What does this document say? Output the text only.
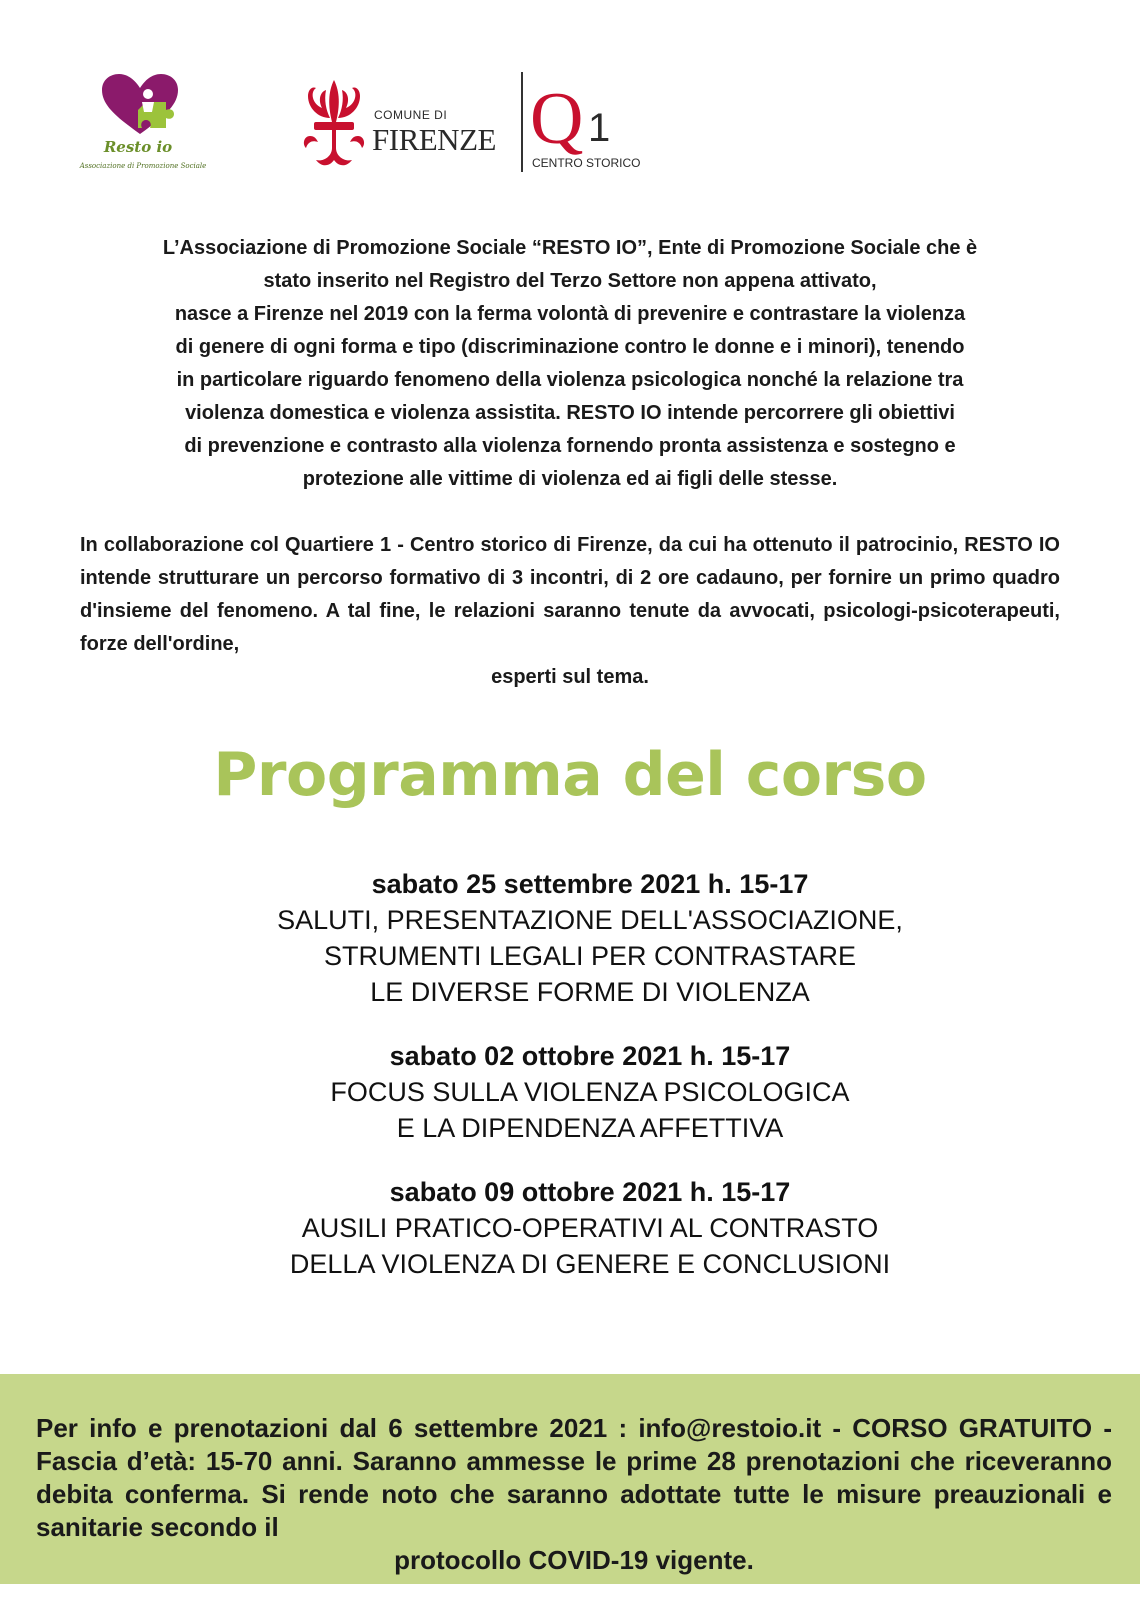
Resto io
Associazione di Promozione Sociale
COMUNE DI
FIRENZE Q 1
CENTRO STORICO
L’Associazione di Promozione Sociale “RESTO IO”, Ente di Promozione Sociale che è
stato inserito nel Registro del Terzo Settore non appena attivato,
nasce a Firenze nel 2019 con la ferma volontà di prevenire e contrastare la violenza
di genere di ogni forma e tipo (discriminazione contro le donne e i minori), tenendo
in particolare riguardo fenomeno della violenza psicologica nonché la relazione tra
violenza domestica e violenza assistita. RESTO IO intende percorrere gli obiettivi
di prevenzione e contrasto alla violenza fornendo pronta assistenza e sostegno e
protezione alle vittime di violenza ed ai figli delle stesse.

In collaborazione col Quartiere 1 - Centro storico di Firenze, da cui ha ottenuto il patrocinio, RESTO IO intende strutturare un percorso formativo di 3 incontri, di 2 ore cadauno, per fornire un primo quadro d'insieme del fenomeno. A tal fine, le relazioni saranno tenute da avvocati, psicologi-psicoterapeuti, forze dell'ordine,
esperti sul tema.

Programma del corso
sabato 25 settembre 2021 h. 15-17
SALUTI, PRESENTAZIONE DELL'ASSOCIAZIONE,
STRUMENTI LEGALI PER CONTRASTARE
LE DIVERSE FORME DI VIOLENZA
sabato 02 ottobre 2021 h. 15-17
FOCUS SULLA VIOLENZA PSICOLOGICA
E LA DIPENDENZA AFFETTIVA
sabato 09 ottobre 2021 h. 15-17
AUSILI PRATICO-OPERATIVI AL CONTRASTO
DELLA VIOLENZA DI GENERE E CONCLUSIONI

Per info e prenotazioni dal 6 settembre 2021 : info@restoio.it - CORSO GRATUITO - Fascia d’età: 15-70 anni. Saranno ammesse le prime 28 prenotazioni che riceveranno debita conferma. Si rende noto che saranno adottate tutte le misure preauzionali e sanitarie secondo il
protocollo COVID-19 vigente.
